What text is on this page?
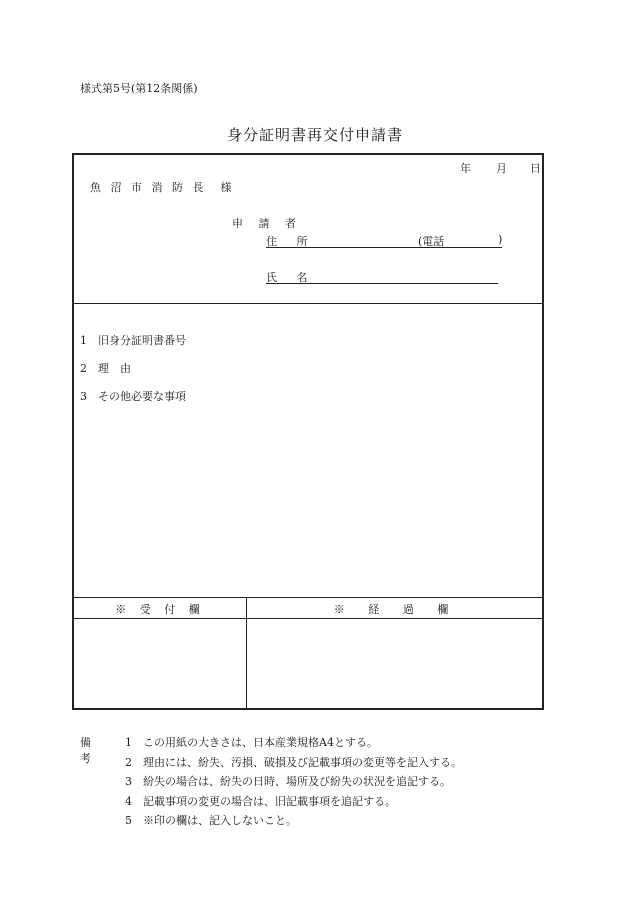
様式第5号(第12条関係)
身分証明書再交付申請書
年 月 日
魚 沼 市 消 防 長　様
申 請 者
住 所	(電話	)
氏 名
1 旧身分証明書番号
2 理　由
3 その他必要な事項
※ 受 付 欄	※ 経 過 欄
備 考
1 この用紙の大きさは、日本産業規格A4とする。
2 理由には、紛失、汚損、破損及び記載事項の変更等を記入する。
3 紛失の場合は、紛失の日時、場所及び紛失の状況を追記する。
4 記載事項の変更の場合は、旧記載事項を追記する。
5 ※印の欄は、記入しないこと。
